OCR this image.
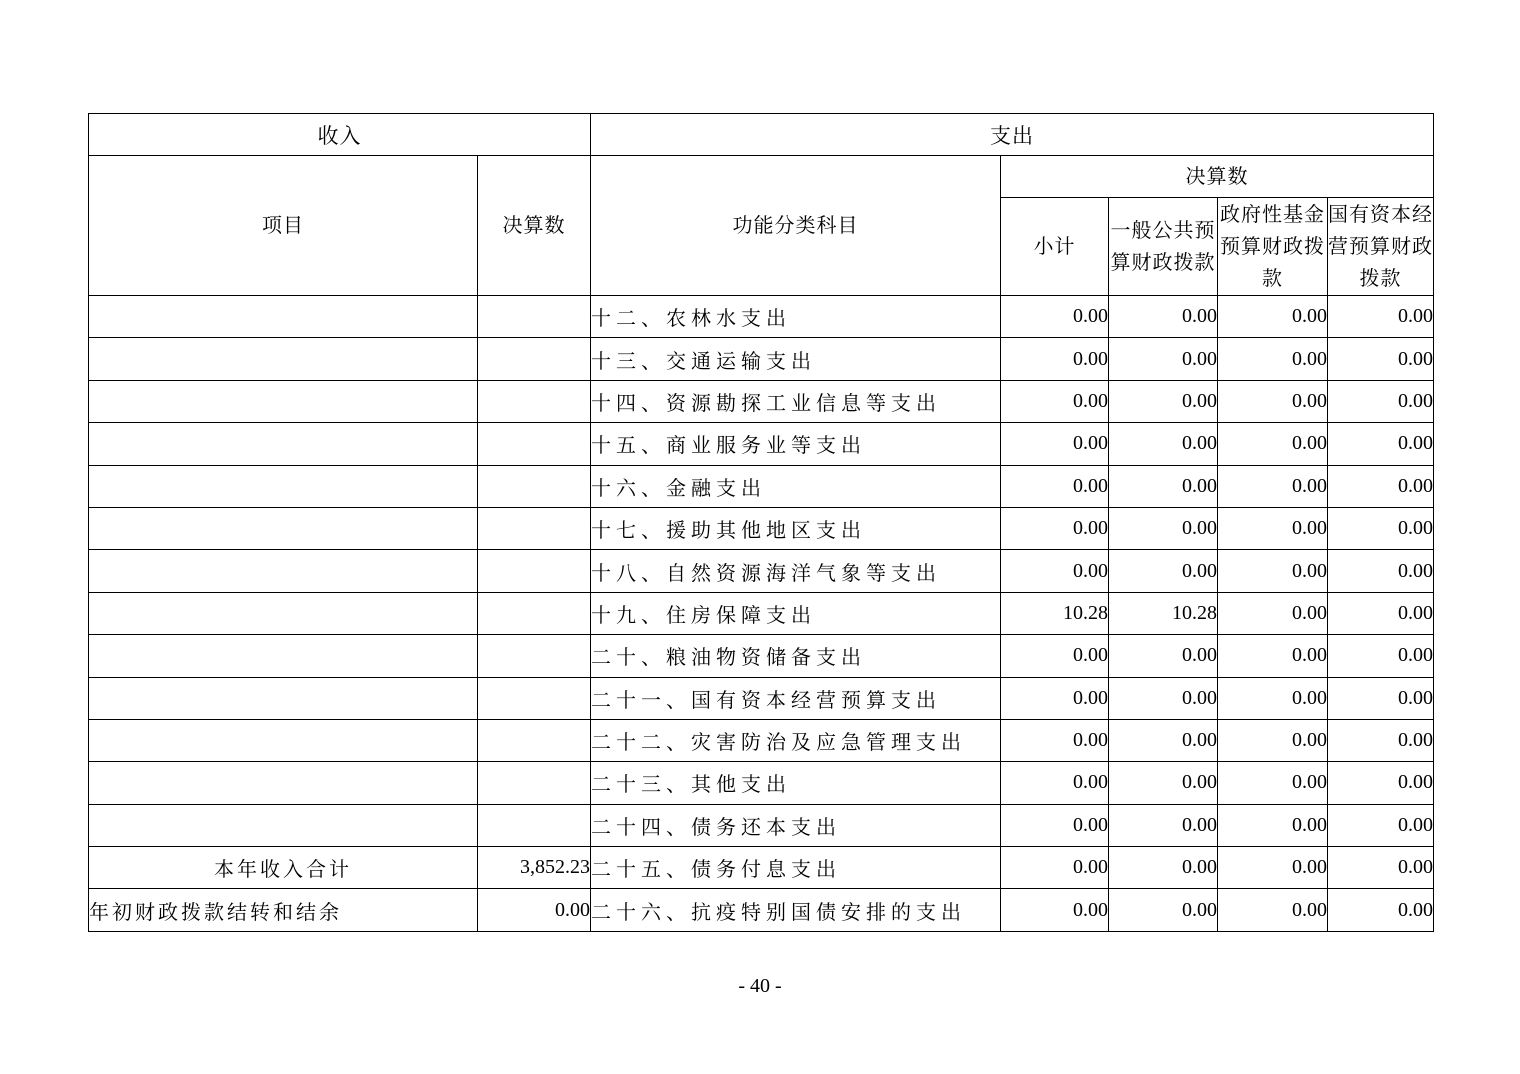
收入		支出				
项目	决算数	功能分类科目	决算数			
			小计	一般公共预算财政拨款	政府性基金预算财政拨款	国有资本经营预算财政拨款
		十二、农林水支出	0.00	0.00	0.00	0.00
		十三、交通运输支出	0.00	0.00	0.00	0.00
		十四、资源勘探工业信息等支出	0.00	0.00	0.00	0.00
		十五、商业服务业等支出	0.00	0.00	0.00	0.00
		十六、金融支出	0.00	0.00	0.00	0.00
		十七、援助其他地区支出	0.00	0.00	0.00	0.00
		十八、自然资源海洋气象等支出	0.00	0.00	0.00	0.00
		十九、住房保障支出	10.28	10.28	0.00	0.00
		二十、粮油物资储备支出	0.00	0.00	0.00	0.00
		二十一、国有资本经营预算支出	0.00	0.00	0.00	0.00
		二十二、灾害防治及应急管理支出	0.00	0.00	0.00	0.00
		二十三、其他支出	0.00	0.00	0.00	0.00
		二十四、债务还本支出	0.00	0.00	0.00	0.00
本年收入合计	3,852.23	二十五、债务付息支出	0.00	0.00	0.00	0.00
年初财政拨款结转和结余	0.00	二十六、抗疫特别国债安排的支出	0.00	0.00	0.00	0.00
- 40 -
